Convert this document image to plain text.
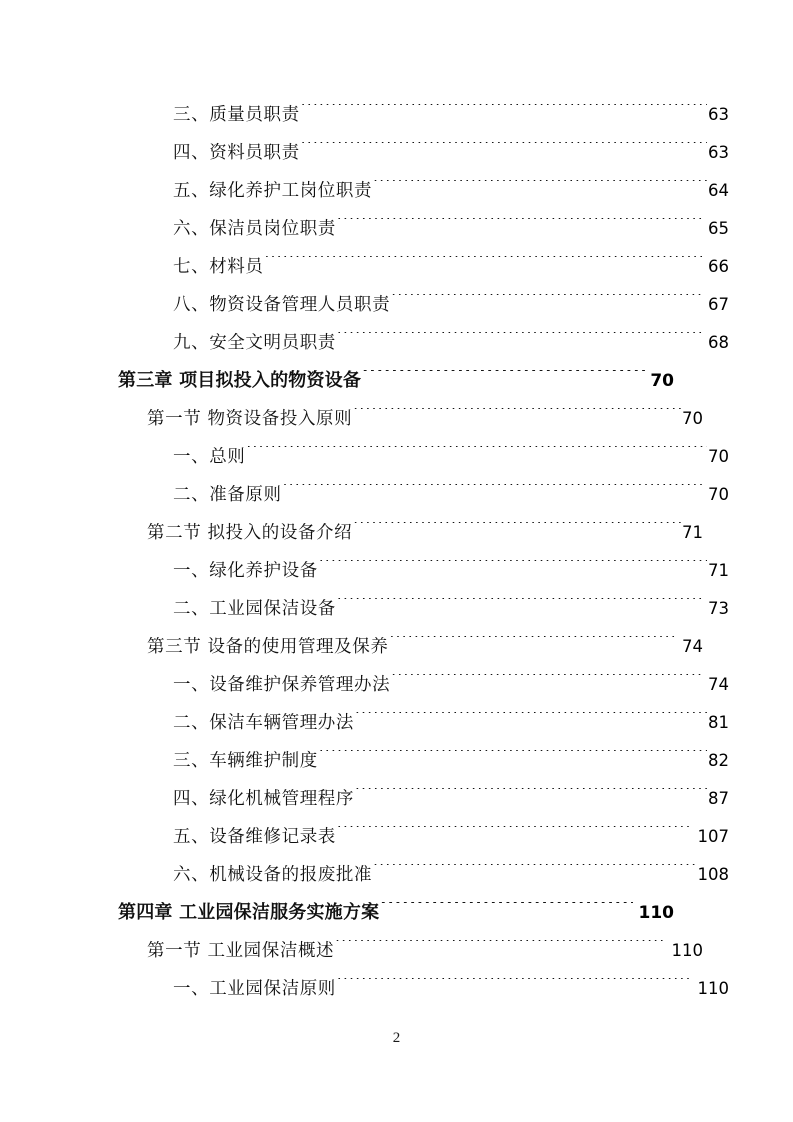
三、质量员职责 .....	63
四、资料员职责 .....	63
五、绿化养护工岗位职责 .....	64
六、保洁员岗位职责 .....	65
七、材料员 .....	66
八、物资设备管理人员职责 .....	67
九、安全文明员职责 .....	68
第三章 项目拟投入的物资设备 .....	70
第一节 物资设备投入原则 .....	70
一、总则 .....	70
二、准备原则 .....	70
第二节 拟投入的设备介绍 .....	71
一、绿化养护设备 .....	71
二、工业园保洁设备 .....	73
第三节 设备的使用管理及保养 .....	74
一、设备维护保养管理办法 .....	74
二、保洁车辆管理办法 .....	81
三、车辆维护制度 .....	82
四、绿化机械管理程序 .....	87
五、设备维修记录表 .....	107
六、机械设备的报废批准 .....	108
第四章 工业园保洁服务实施方案 .....	110
第一节 工业园保洁概述 .....	110
一、工业园保洁原则 .....	110
2
